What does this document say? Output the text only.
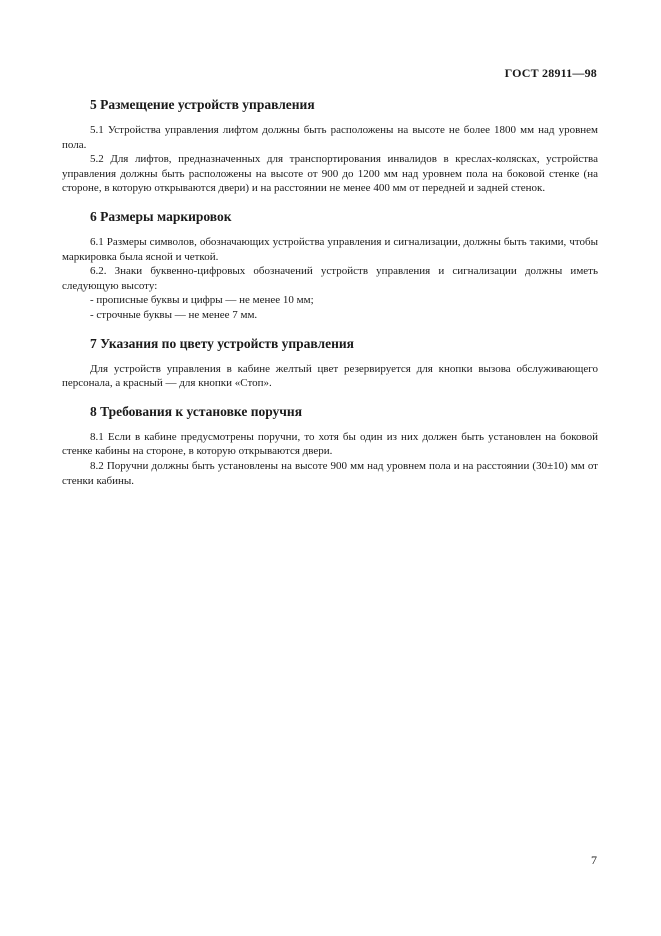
ГОСТ 28911—98
5 Размещение устройств управления

5.1 Устройства управления лифтом должны быть расположены на высоте не более 1800 мм над уровнем пола.

5.2 Для лифтов, предназначенных для транспортирования инвалидов в креслах-колясках, устройства управления должны быть расположены на высоте от 900 до 1200 мм над уровнем пола на боковой стенке (на стороне, в которую открываются двери) и на расстоянии не менее 400 мм от передней и задней стенок.

6 Размеры маркировок

6.1 Размеры символов, обозначающих устройства управления и сигнализации, должны быть такими, чтобы маркировка была ясной и четкой.

6.2. Знаки буквенно-цифровых обозначений устройств управления и сигнализации должны иметь следующую высоту:

- прописные буквы и цифры — не менее 10 мм;
- строчные буквы — не менее 7 мм.
7 Указания по цвету устройств управления

Для устройств управления в кабине желтый цвет резервируется для кнопки вызова обслуживающего персонала, а красный — для кнопки «Стоп».

8 Требования к установке поручня

8.1 Если в кабине предусмотрены поручни, то хотя бы один из них должен быть установлен на боковой стенке кабины на стороне, в которую открываются двери.

8.2 Поручни должны быть установлены на высоте 900 мм над уровнем пола и на расстоянии (30±10) мм от стенки кабины.

7
